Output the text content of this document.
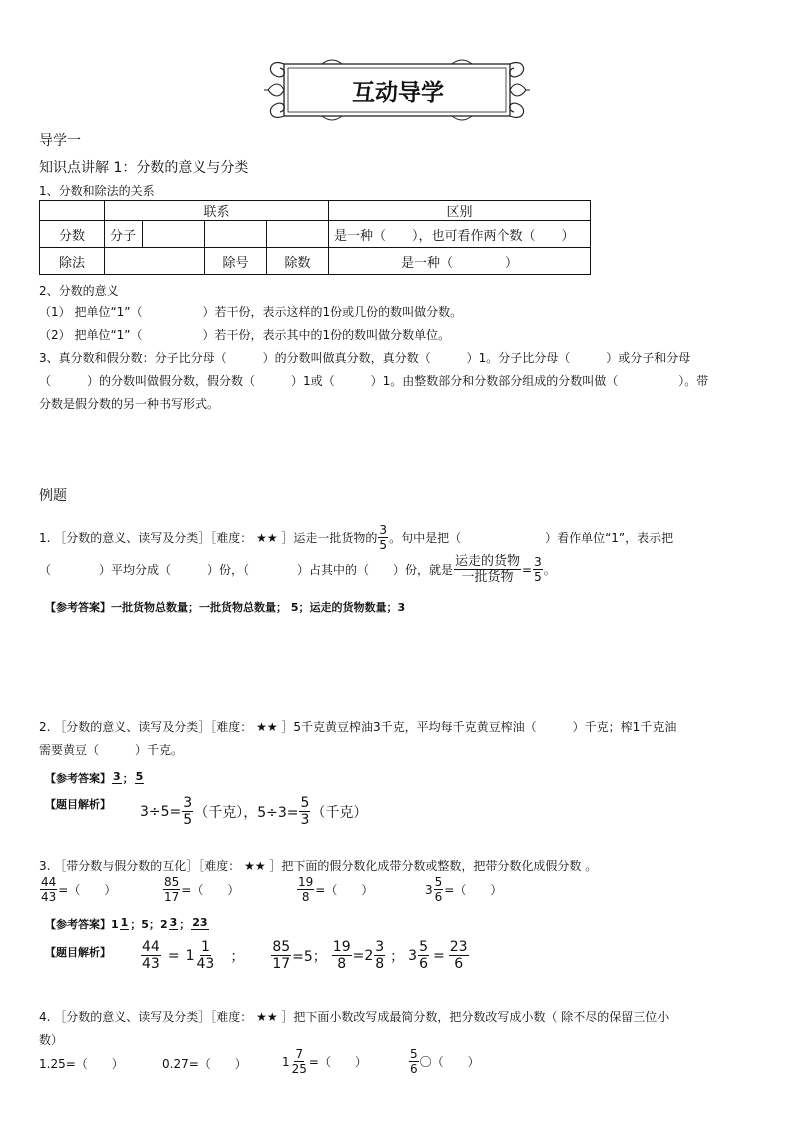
互动导学
导学一
知识点讲解 1：分数的意义与分类
1、分数和除法的关系
	联系				区别
分数	分子				是一种（　　），也可看作两个数（　　）
除法			除号	除数	是一种（　　　　）
2、分数的意义
（1） 把单位“1”（　　　　　）若干份，表示这样的1份或几份的数叫做分数。
（2） 把单位“1”（　　　　　）若干份，表示其中的1份的数叫做分数单位。
3、真分数和假分数：分子比分母（　　　）的分数叫做真分数，真分数（　　　）1。分子比分母（　　　）或分子和分母
（　　　）的分数叫做假分数，假分数（　　　）1或（　　　）1。由整数部分和分数部分组成的分数叫做（　　　　　）。带
分数是假分数的另一种书写形式。
例题
1. ［分数的意义、读写及分类］［难度： ★★ ］运走一批货物的 $\frac{3}{5}$ 。句中是把（　　　　　　　）看作单位“1”，表示把
（　　　　）平均分成（　　　）份，（　　　　）占其中的（　　）份，就是 $\frac{\text{运走的货物}}{\text{一批货物}} = \frac{3}{5}$ 。
【参考答案】一批货物总数量；一批货物总数量； 5；运走的货物数量；3
2. ［分数的意义、读写及分类］［难度： ★★ ］5千克黄豆榨油3千克，平均每千克黄豆榨油（　　　）千克；榨1千克油
需要黄豆（　　　）千克。
【参考答案】 3 ； 5
【题目解析】 $3\div 5= \frac{3}{5}$ （千克），$5\div 3= \frac{5}{3}$ （千克）
3. ［带分数与假分数的互化］［难度： ★★ ］把下面的假分数化成带分数或整数，把带分数化成假分数 。
$\frac{44}{43}$ =（　　）	$\frac{85}{17}$ =（　　）	$\frac{19}{8}$ =（　　）	$3 \frac{5}{6}$ =（　　）
【参考答案】 1 1 ；5； 2 3 ； 23
【题目解析】 $\frac{44}{43} = 1 \frac{1}{43}$ ； $\frac{85}{17} =5$； $\frac{19}{8} =2 \frac{3}{8}$ ； $3 \frac{5}{6} = \frac{23}{6}$
4. ［分数的意义、读写及分类］［难度： ★★ ］把下面小数改写成最简分数，把分数改写成小数（ 除不尽的保留三位小
数）
1.25=（　　）	0.27=（　　）	$1 \frac{7}{25}$ =（　　）	$\frac{5}{6}$ 〇（　　）
